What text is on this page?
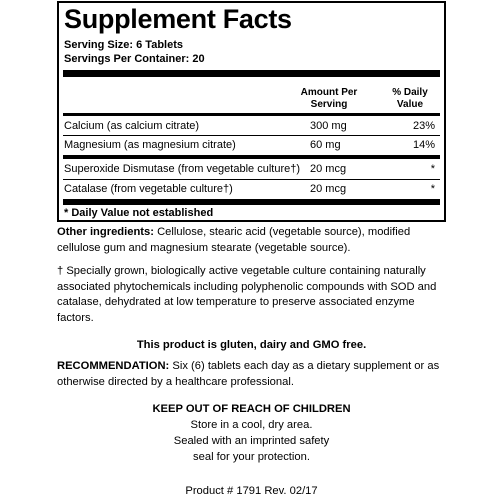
Supplement Facts
Serving Size: 6 Tablets
Servings Per Container: 20
Amount Per
Serving
% Daily
Value
Calcium (as calcium citrate)	300 mg	23%
Magnesium (as magnesium citrate)	60 mg	14%
Superoxide Dismutase (from vegetable culture†) 20 mcg	*
Catalase (from vegetable culture†)	20 mcg	*
* Daily Value not established
Other ingredients: Cellulose, stearic acid (vegetable source), modified cellulose gum and magnesium stearate (vegetable source).
† Specially grown, biologically active vegetable culture containing naturally associated phytochemicals including polyphenolic compounds with SOD and catalase, dehydrated at low temperature to preserve associated enzyme factors.
This product is gluten, dairy and GMO free.
RECOMMENDATION: Six (6) tablets each day as a dietary supplement or as otherwise directed by a healthcare professional.
KEEP OUT OF REACH OF CHILDREN
Store in a cool, dry area.
Sealed with an imprinted safety
seal for your protection.
Product # 1791 Rev. 02/17
